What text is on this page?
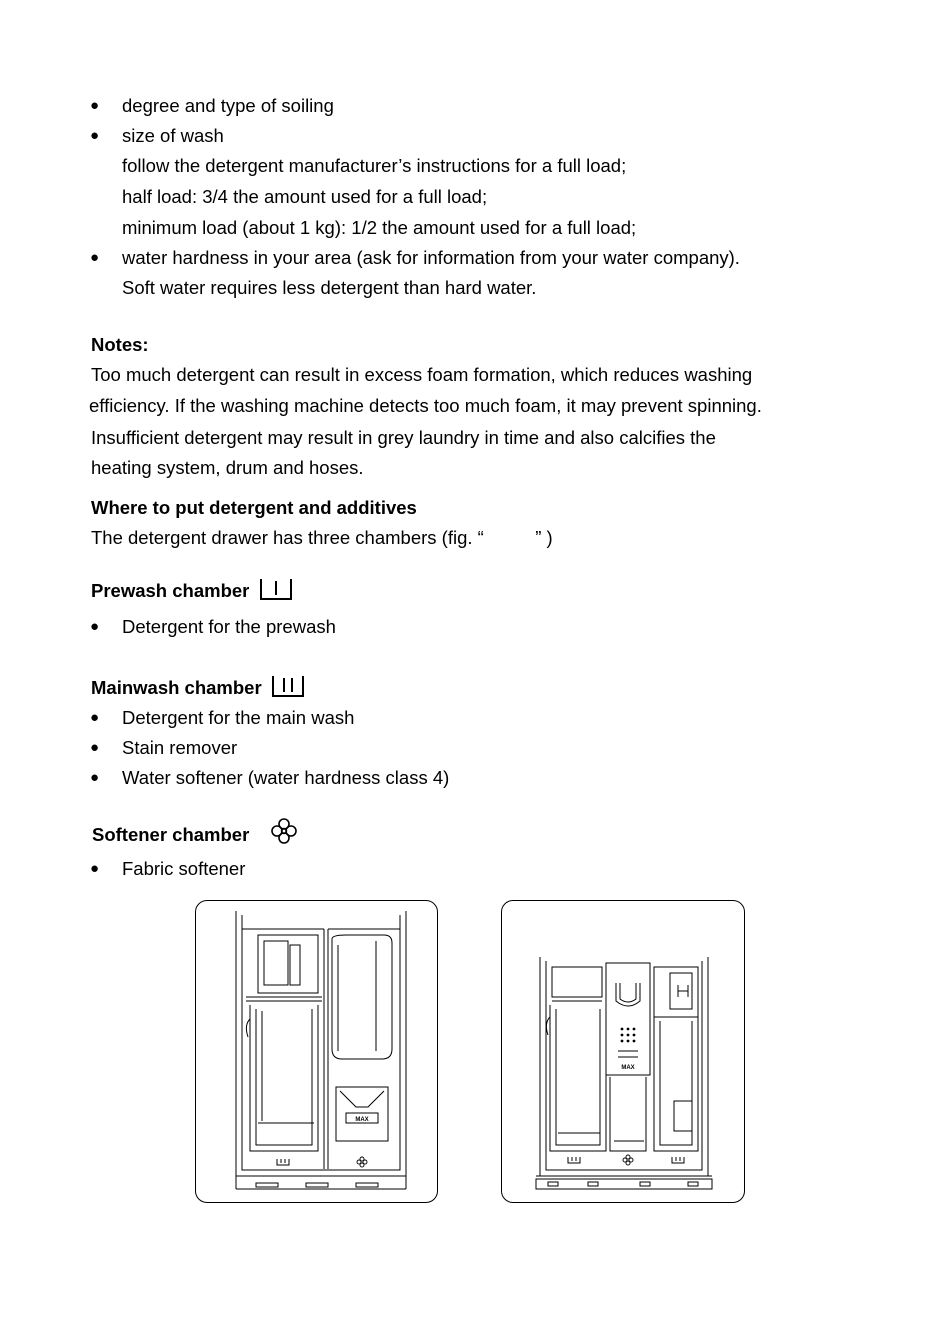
● degree and type of soiling
● size of wash
follow the detergent manufacturer’s instructions for a full load;
half load: 3/4 the amount used for a full load;
minimum load (about 1 kg): 1/2 the amount used for a full load;
● water hardness in your area (ask for information from your water company).
Soft water requires less detergent than hard water.
Notes:
Too much detergent can result in excess foam formation, which reduces washing
efficiency. If the washing machine detects too much foam, it may prevent spinning.
Insufficient detergent may result in grey laundry in time and also calcifies the
heating system, drum and hoses.
Where to put detergent and additives
The detergent drawer has three chambers (fig. “          ” )
Prewash chamber
● Detergent for the prewash
Mainwash chamber
● Detergent for the main wash
● Stain remover
● Water softener (water hardness class 4)
Softener chamber
● Fabric softener
MAX
MAX
